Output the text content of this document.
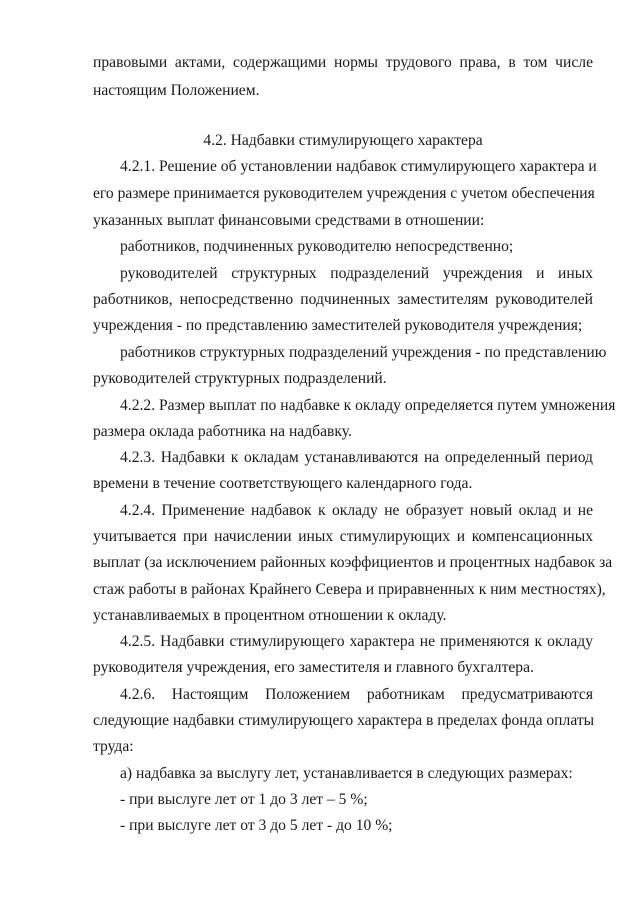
правовыми актами, содержащими нормы трудового права, в том числе
настоящим Положением.
4.2. Надбавки стимулирующего характера
4.2.1. Решение об установлении надбавок стимулирующего характера и
его размере принимается руководителем учреждения с учетом обеспечения
указанных выплат финансовыми средствами в отношении:
работников, подчиненных руководителю непосредственно;
руководителей структурных подразделений учреждения и иных
работников, непосредственно подчиненных заместителям руководителей
учреждения - по представлению заместителей руководителя учреждения;
работников структурных подразделений учреждения - по представлению
руководителей структурных подразделений.
4.2.2. Размер выплат по надбавке к окладу определяется путем умножения
размера оклада работника на надбавку.
4.2.3. Надбавки к окладам устанавливаются на определенный период
времени в течение соответствующего календарного года.
4.2.4. Применение надбавок к окладу не образует новый оклад и не
учитывается при начислении иных стимулирующих и компенсационных
выплат (за исключением районных коэффициентов и процентных надбавок за
стаж работы в районах Крайнего Севера и приравненных к ним местностях),
устанавливаемых в процентном отношении к окладу.
4.2.5. Надбавки стимулирующего характера не применяются к окладу
руководителя учреждения, его заместителя и главного бухгалтера.
4.2.6. Настоящим Положением работникам предусматриваются
следующие надбавки стимулирующего характера в пределах фонда оплаты
труда:
а) надбавка за выслугу лет, устанавливается в следующих размерах:
- при выслуге лет от 1 до 3 лет – 5 %;
- при выслуге лет от 3 до 5 лет - до 10 %;
